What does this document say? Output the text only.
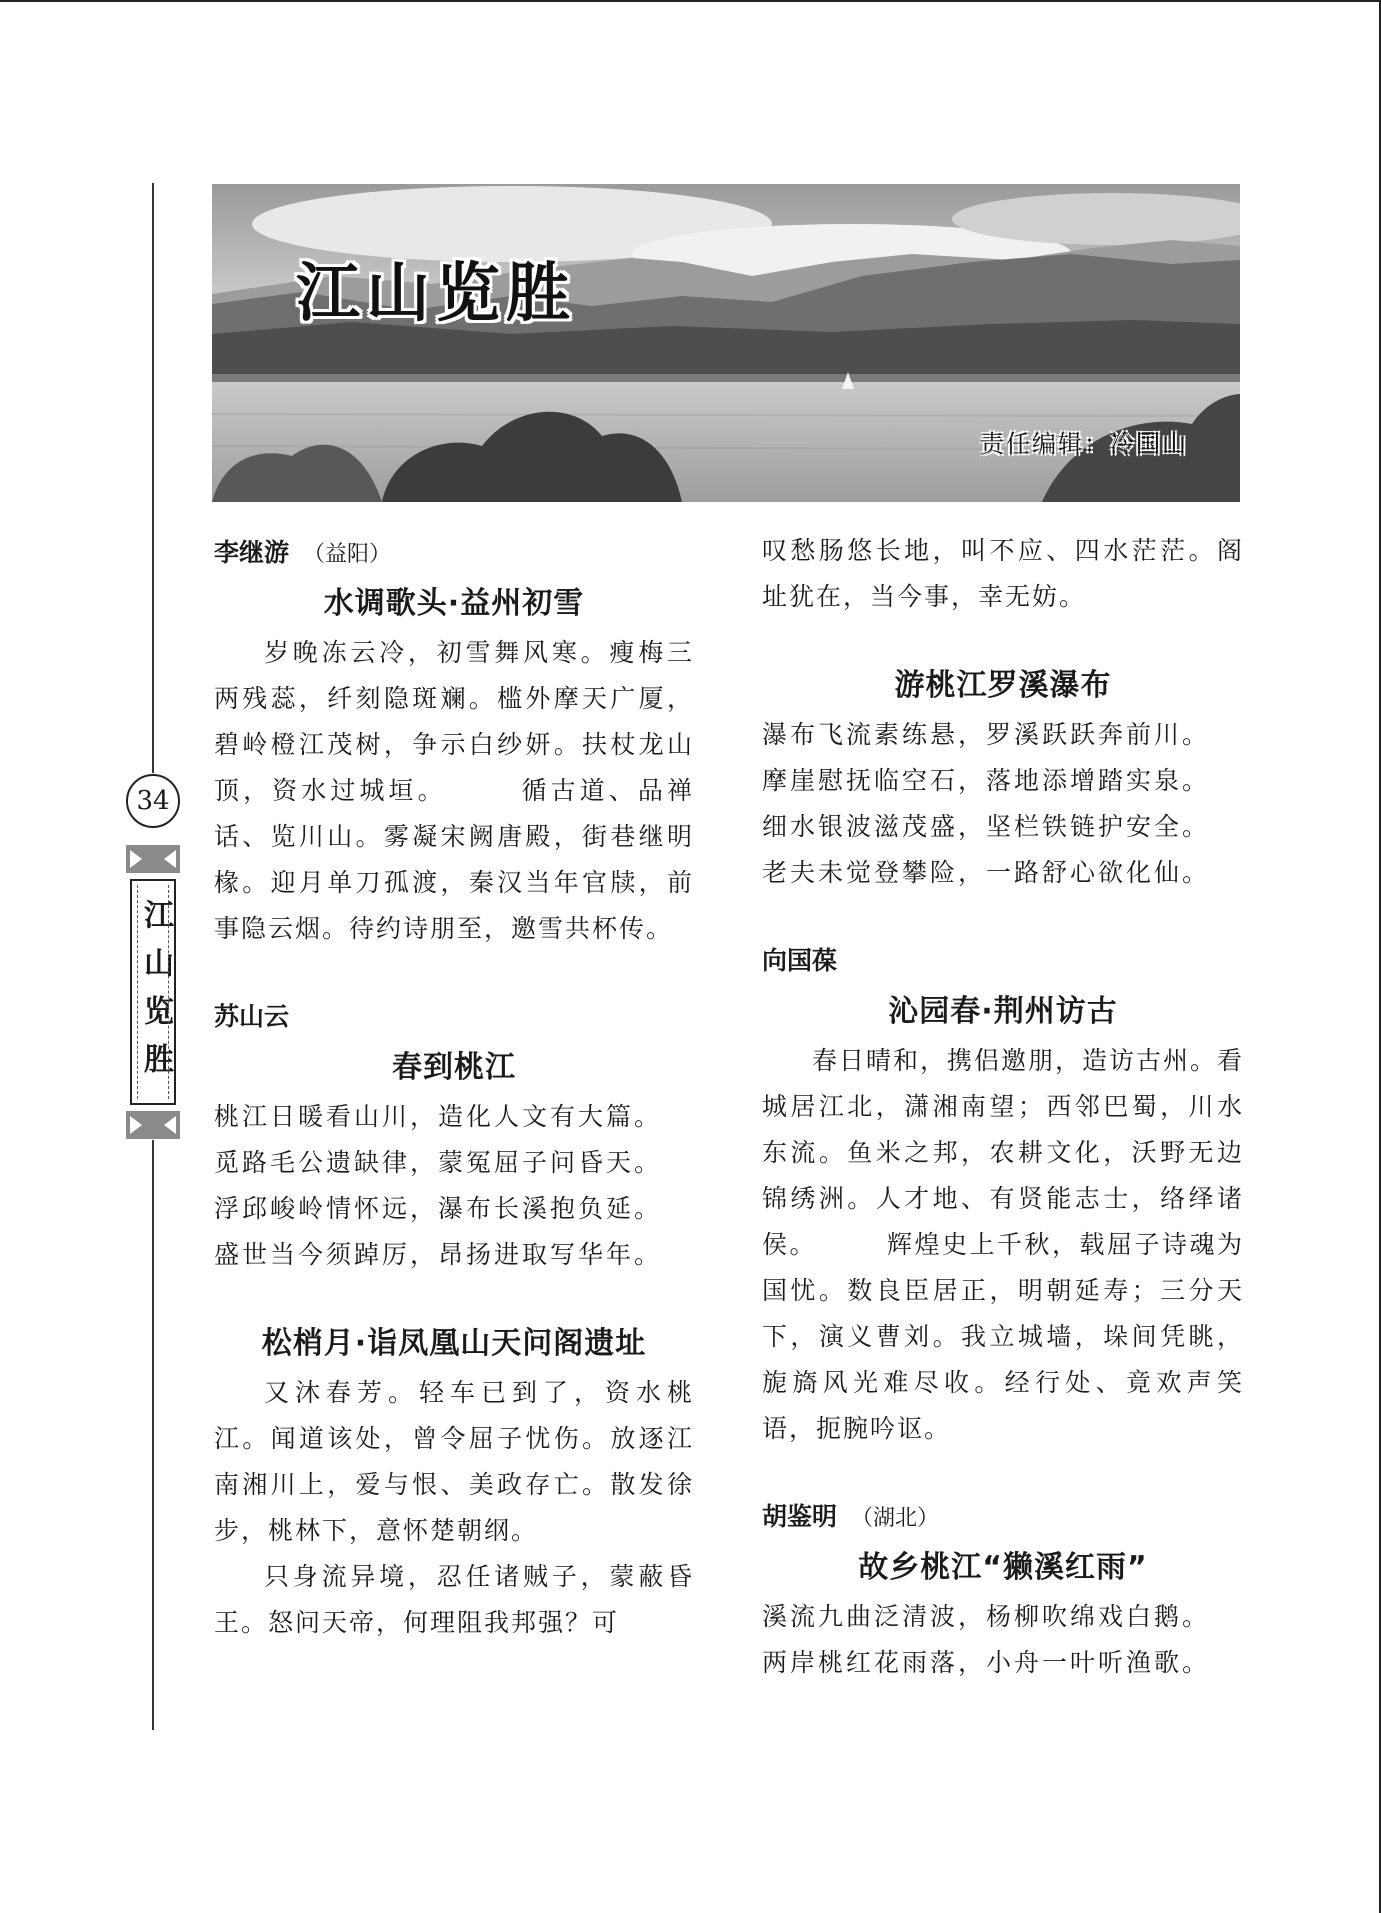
34
江山览胜
江山览胜
责任编辑：冷国山
李继游 （益阳）
水调歌头·益州初雪

岁晚冻云冷，初雪舞风寒。瘦梅三两残蕊，纤刻隐斑斓。槛外摩天广厦，碧岭橙江茂树，争示白纱妍。扶杖龙山顶，资水过城垣。　　　	循古道、品禅话、览川山。雾凝宋阙唐殿，街巷继明椽。迎月单刀孤渡，秦汉当年官牍，前事隐云烟。待约诗朋至，邀雪共杯传。

苏山云
春到桃江

桃江日暖看山川，造化人文有大篇。

觅路毛公遗缺律，蒙冤屈子问昏天。

浮邱峻岭情怀远，瀑布长溪抱负延。

盛世当今须踔厉，昂扬进取写华年。

松梢月·诣凤凰山天问阁遗址

又沐春芳。轻车已到了，资水桃江。闻道该处，曾令屈子忧伤。放逐江南湘川上，爱与恨、美政存亡。散发徐步，桃林下，意怀楚朝纲。

只身流异境，忍任诸贼子，蒙蔽昏王。怒问天帝，何理阻我邦强？可

叹愁肠悠长地，叫不应、四水茫茫。阁址犹在，当今事，幸无妨。

游桃江罗溪瀑布

瀑布飞流素练悬，罗溪跃跃奔前川。

摩崖慰抚临空石，落地添增踏实泉。

细水银波滋茂盛，坚栏铁链护安全。

老夫未觉登攀险，一路舒心欲化仙。

向国葆
沁园春·荆州访古

春日晴和，携侣邀朋，造访古州。看城居江北，潇湘南望；西邻巴蜀，川水东流。鱼米之邦，农耕文化，沃野无边锦绣洲。人才地、有贤能志士，络绎诸侯。　　　	辉煌史上千秋，载屈子诗魂为国忧。数良臣居正，明朝延寿；三分天下，演义曹刘。我立城墙，垛间凭眺，旎旖风光难尽收。经行处、竟欢声笑语，扼腕吟讴。

胡鉴明 （湖北）
故乡桃江“獭溪红雨”

溪流九曲泛清波，杨柳吹绵戏白鹅。

两岸桃红花雨落，小舟一叶听渔歌。
